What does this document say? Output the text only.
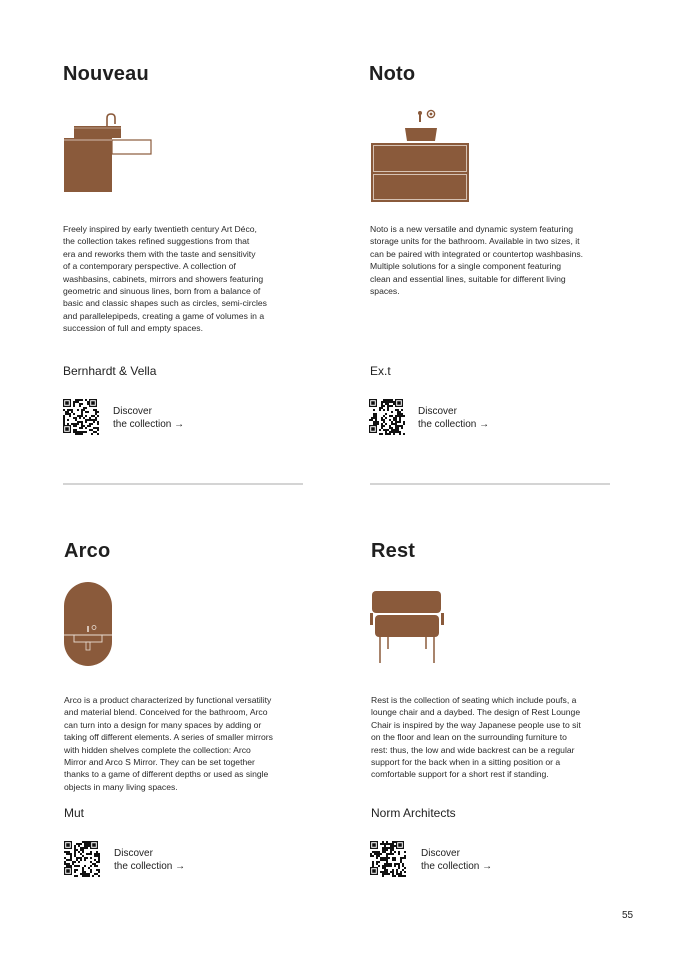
Nouveau
Freely inspired by early twentieth century Art Déco,
the collection takes refined suggestions from that
era and reworks them with the taste and sensitivity
of a contemporary perspective. A collection of
washbasins, cabinets, mirrors and showers featuring
geometric and sinuous lines, born from a balance of
basic and classic shapes such as circles, semi-circles
and parallelepipeds, creating a game of volumes in a
succession of full and empty spaces.
Bernhardt & Vella
Discover
the collection →
Noto
Noto is a new versatile and dynamic system featuring
storage units for the bathroom. Available in two sizes, it
can be paired with integrated or countertop washbasins.
Multiple solutions for a single component featuring
clean and essential lines, suitable for different living
spaces.
Ex.t
Discover
the collection →
Arco
Arco is a product characterized by functional versatility
and material blend. Conceived for the bathroom, Arco
can turn into a design for many spaces by adding or
taking off different elements. A series of smaller mirrors
with hidden shelves complete the collection: Arco
Mirror and Arco S Mirror. They can be set together
thanks to a game of different depths or used as single
objects in many living spaces.
Mut
Discover
the collection →
Rest
Rest is the collection of seating which include poufs, a
lounge chair and a daybed. The design of Rest Lounge
Chair is inspired by the way Japanese people use to sit
on the floor and lean on the surrounding furniture to
rest: thus, the low and wide backrest can be a regular
support for the back when in a sitting position or a
comfortable support for a short rest if standing.
Norm Architects
Discover
the collection →
55
